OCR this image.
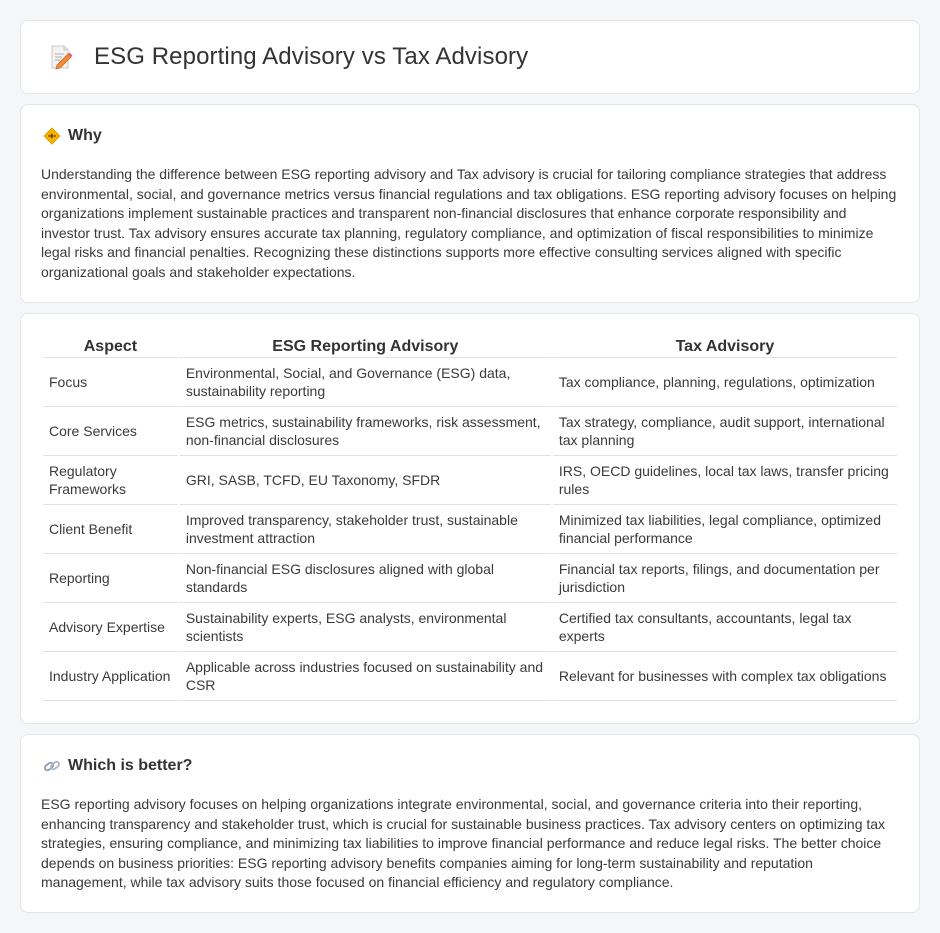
ESG Reporting Advisory vs Tax Advisory
Why

Understanding the difference between ESG reporting advisory and Tax advisory is crucial for tailoring compliance strategies that address environmental, social, and governance metrics versus financial regulations and tax obligations. ESG reporting advisory focuses on helping organizations implement sustainable practices and transparent non-financial disclosures that enhance corporate responsibility and investor trust. Tax advisory ensures accurate tax planning, regulatory compliance, and optimization of fiscal responsibilities to minimize legal risks and financial penalties. Recognizing these distinctions supports more effective consulting services aligned with specific organizational goals and stakeholder expectations.

Aspect	ESG Reporting Advisory	Tax Advisory
Focus	Environmental, Social, and Governance (ESG) data, sustainability reporting	Tax compliance, planning, regulations, optimization
Core Services	ESG metrics, sustainability frameworks, risk assessment, non-financial disclosures	Tax strategy, compliance, audit support, international tax planning
Regulatory Frameworks	GRI, SASB, TCFD, EU Taxonomy, SFDR	IRS, OECD guidelines, local tax laws, transfer pricing rules
Client Benefit	Improved transparency, stakeholder trust, sustainable investment attraction	Minimized tax liabilities, legal compliance, optimized financial performance
Reporting	Non-financial ESG disclosures aligned with global standards	Financial tax reports, filings, and documentation per jurisdiction
Advisory Expertise	Sustainability experts, ESG analysts, environmental scientists	Certified tax consultants, accountants, legal tax experts
Industry Application	Applicable across industries focused on sustainability and CSR	Relevant for businesses with complex tax obligations
Which is better?

ESG reporting advisory focuses on helping organizations integrate environmental, social, and governance criteria into their reporting, enhancing transparency and stakeholder trust, which is crucial for sustainable business practices. Tax advisory centers on optimizing tax strategies, ensuring compliance, and minimizing tax liabilities to improve financial performance and reduce legal risks. The better choice depends on business priorities: ESG reporting advisory benefits companies aiming for long-term sustainability and reputation management, while tax advisory suits those focused on financial efficiency and regulatory compliance.
